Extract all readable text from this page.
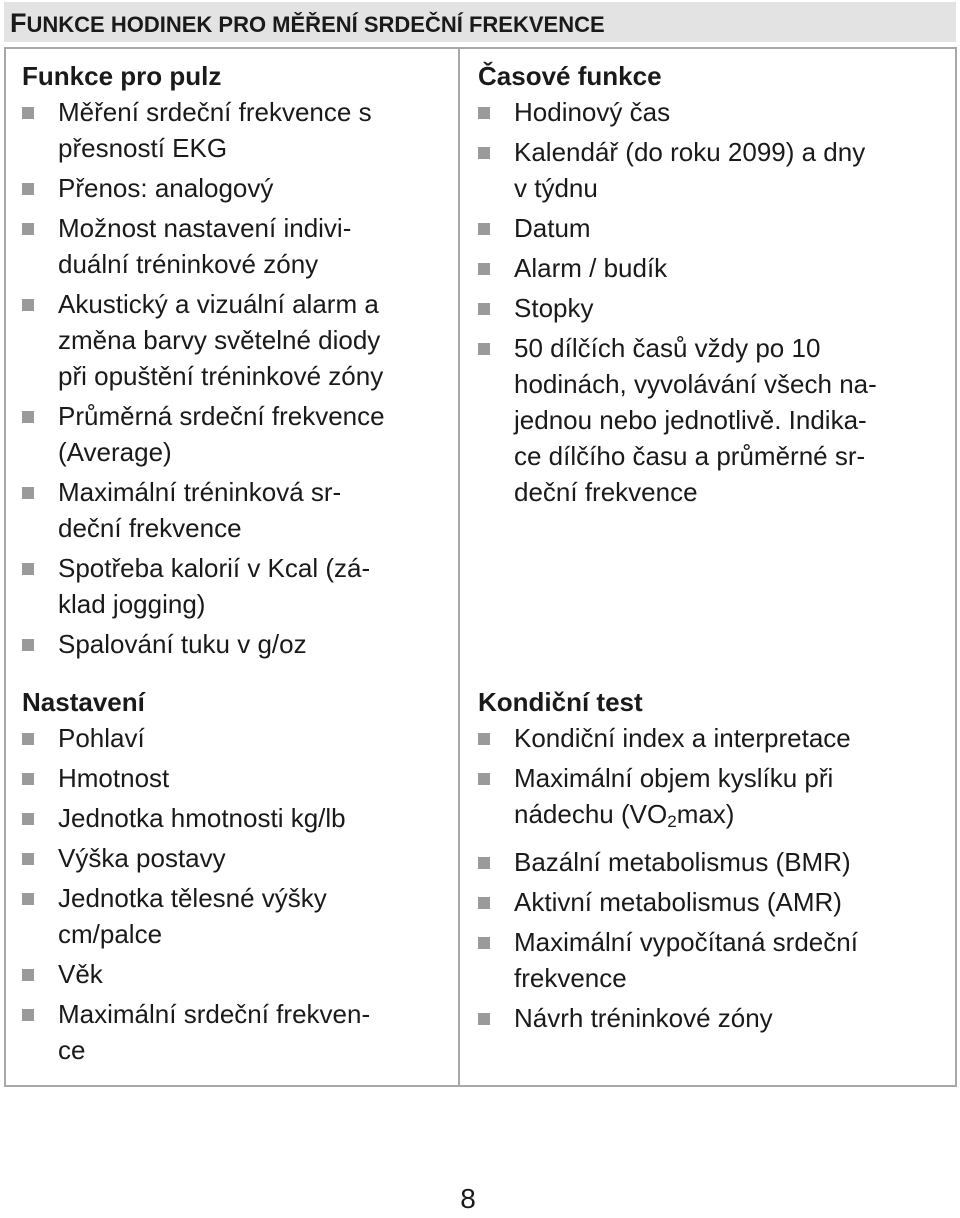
FUNKCE HODINEK PRO MĚŘENÍ SRDEČNÍ FREKVENCE
Funkce pro pulz
Měření srdeční frekvence s
přesností EKG
Přenos: analogový
Možnost nastavení indivi-
duální tréninkové zóny
Akustický a vizuální alarm a
změna barvy světelné diody
při opuštění tréninkové zóny
Průměrná srdeční frekvence
(Average)
Maximální tréninková sr-
deční frekvence
Spotřeba kalorií v Kcal (zá-
klad jogging)
Spalování tuku v g/oz
Nastavení
Pohlaví
Hmotnost
Jednotka hmotnosti kg/lb
Výška postavy
Jednotka tělesné výšky
cm/palce
Věk
Maximální srdeční frekven-
ce
Časové funkce
Hodinový čas
Kalendář (do roku 2099) a dny
v týdnu
Datum
Alarm / budík
Stopky
50 dílčích časů vždy po 10
hodinách, vyvolávání všech na-
jednou nebo jednotlivě. Indika-
ce dílčího času a průměrné sr-
deční frekvence
Kondiční test
Kondiční index a interpretace
Maximální objem kyslíku při
nádechu $(VO_2\max)$
Bazální metabolismus (BMR)
Aktivní metabolismus (AMR)
Maximální vypočítaná srdeční
frekvence
Návrh tréninkové zóny
8
